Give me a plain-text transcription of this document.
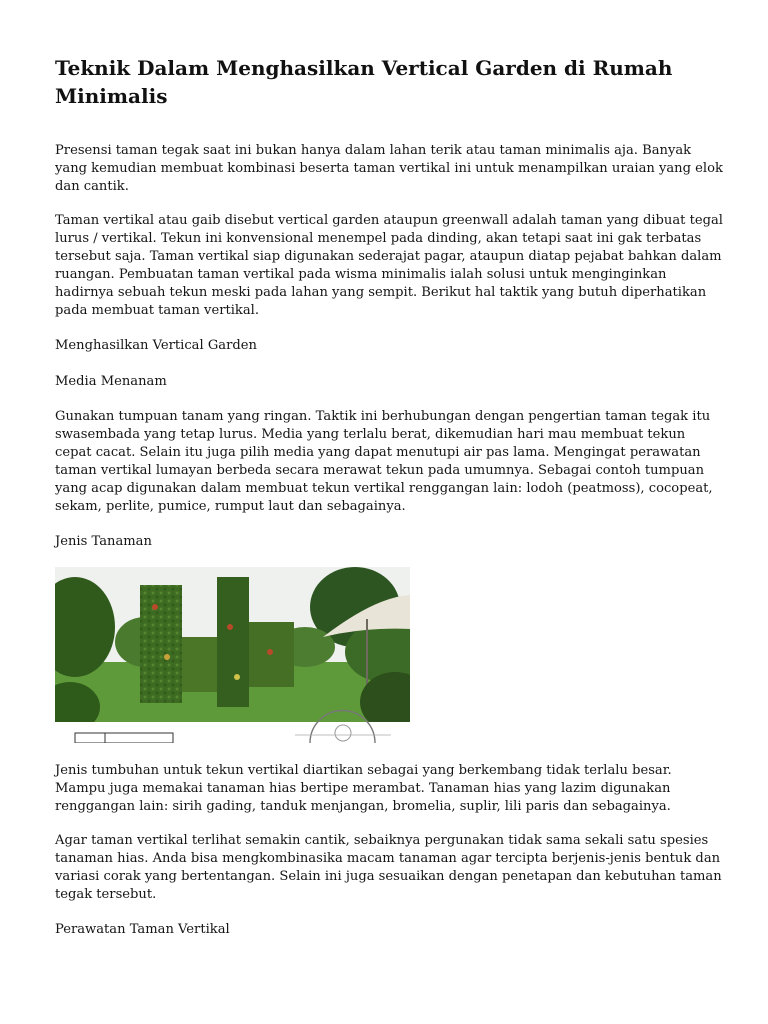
Teknik Dalam Menghasilkan Vertical Garden di Rumah Minimalis

Presensi taman tegak saat ini bukan hanya dalam lahan terik atau taman minimalis aja. Banyak yang kemudian membuat kombinasi beserta taman vertikal ini untuk menampilkan uraian yang elok dan cantik.

Taman vertikal atau gaib disebut vertical garden ataupun greenwall adalah taman yang dibuat tegal lurus / vertikal. Tekun ini konvensional menempel pada dinding, akan tetapi saat ini gak terbatas tersebut saja. Taman vertikal siap digunakan sederajat pagar, ataupun diatap pejabat bahkan dalam ruangan. Pembuatan taman vertikal pada wisma minimalis ialah solusi untuk menginginkan hadirnya sebuah tekun meski pada lahan yang sempit. Berikut hal taktik yang butuh diperhatikan pada membuat taman vertikal.

Menghasilkan Vertical Garden

Media Menanam

Gunakan tumpuan tanam yang ringan. Taktik ini berhubungan dengan pengertian taman tegak itu swasembada yang tetap lurus. Media yang terlalu berat, dikemudian hari mau membuat tekun cepat cacat. Selain itu juga pilih media yang dapat menutupi air pas lama. Mengingat perawatan taman vertikal lumayan berbeda secara merawat tekun pada umumnya. Sebagai contoh tumpuan yang acap digunakan dalam membuat tekun vertikal renggangan lain: lodoh (peatmoss), cocopeat, sekam, perlite, pumice, rumput laut dan sebagainya.

Jenis Tanaman

Jenis tumbuhan untuk tekun vertikal diartikan sebagai yang berkembang tidak terlalu besar. Mampu juga memakai tanaman hias bertipe merambat. Tanaman hias yang lazim digunakan renggangan lain: sirih gading, tanduk menjangan, bromelia, suplir, lili paris dan sebagainya.

Agar taman vertikal terlihat semakin cantik, sebaiknya pergunakan tidak sama sekali satu spesies tanaman hias. Anda bisa mengkombinasika macam tanaman agar tercipta berjenis-jenis bentuk dan variasi corak yang bertentangan. Selain ini juga sesuaikan dengan penetapan dan kebutuhan taman tegak tersebut.

Perawatan Taman Vertikal
